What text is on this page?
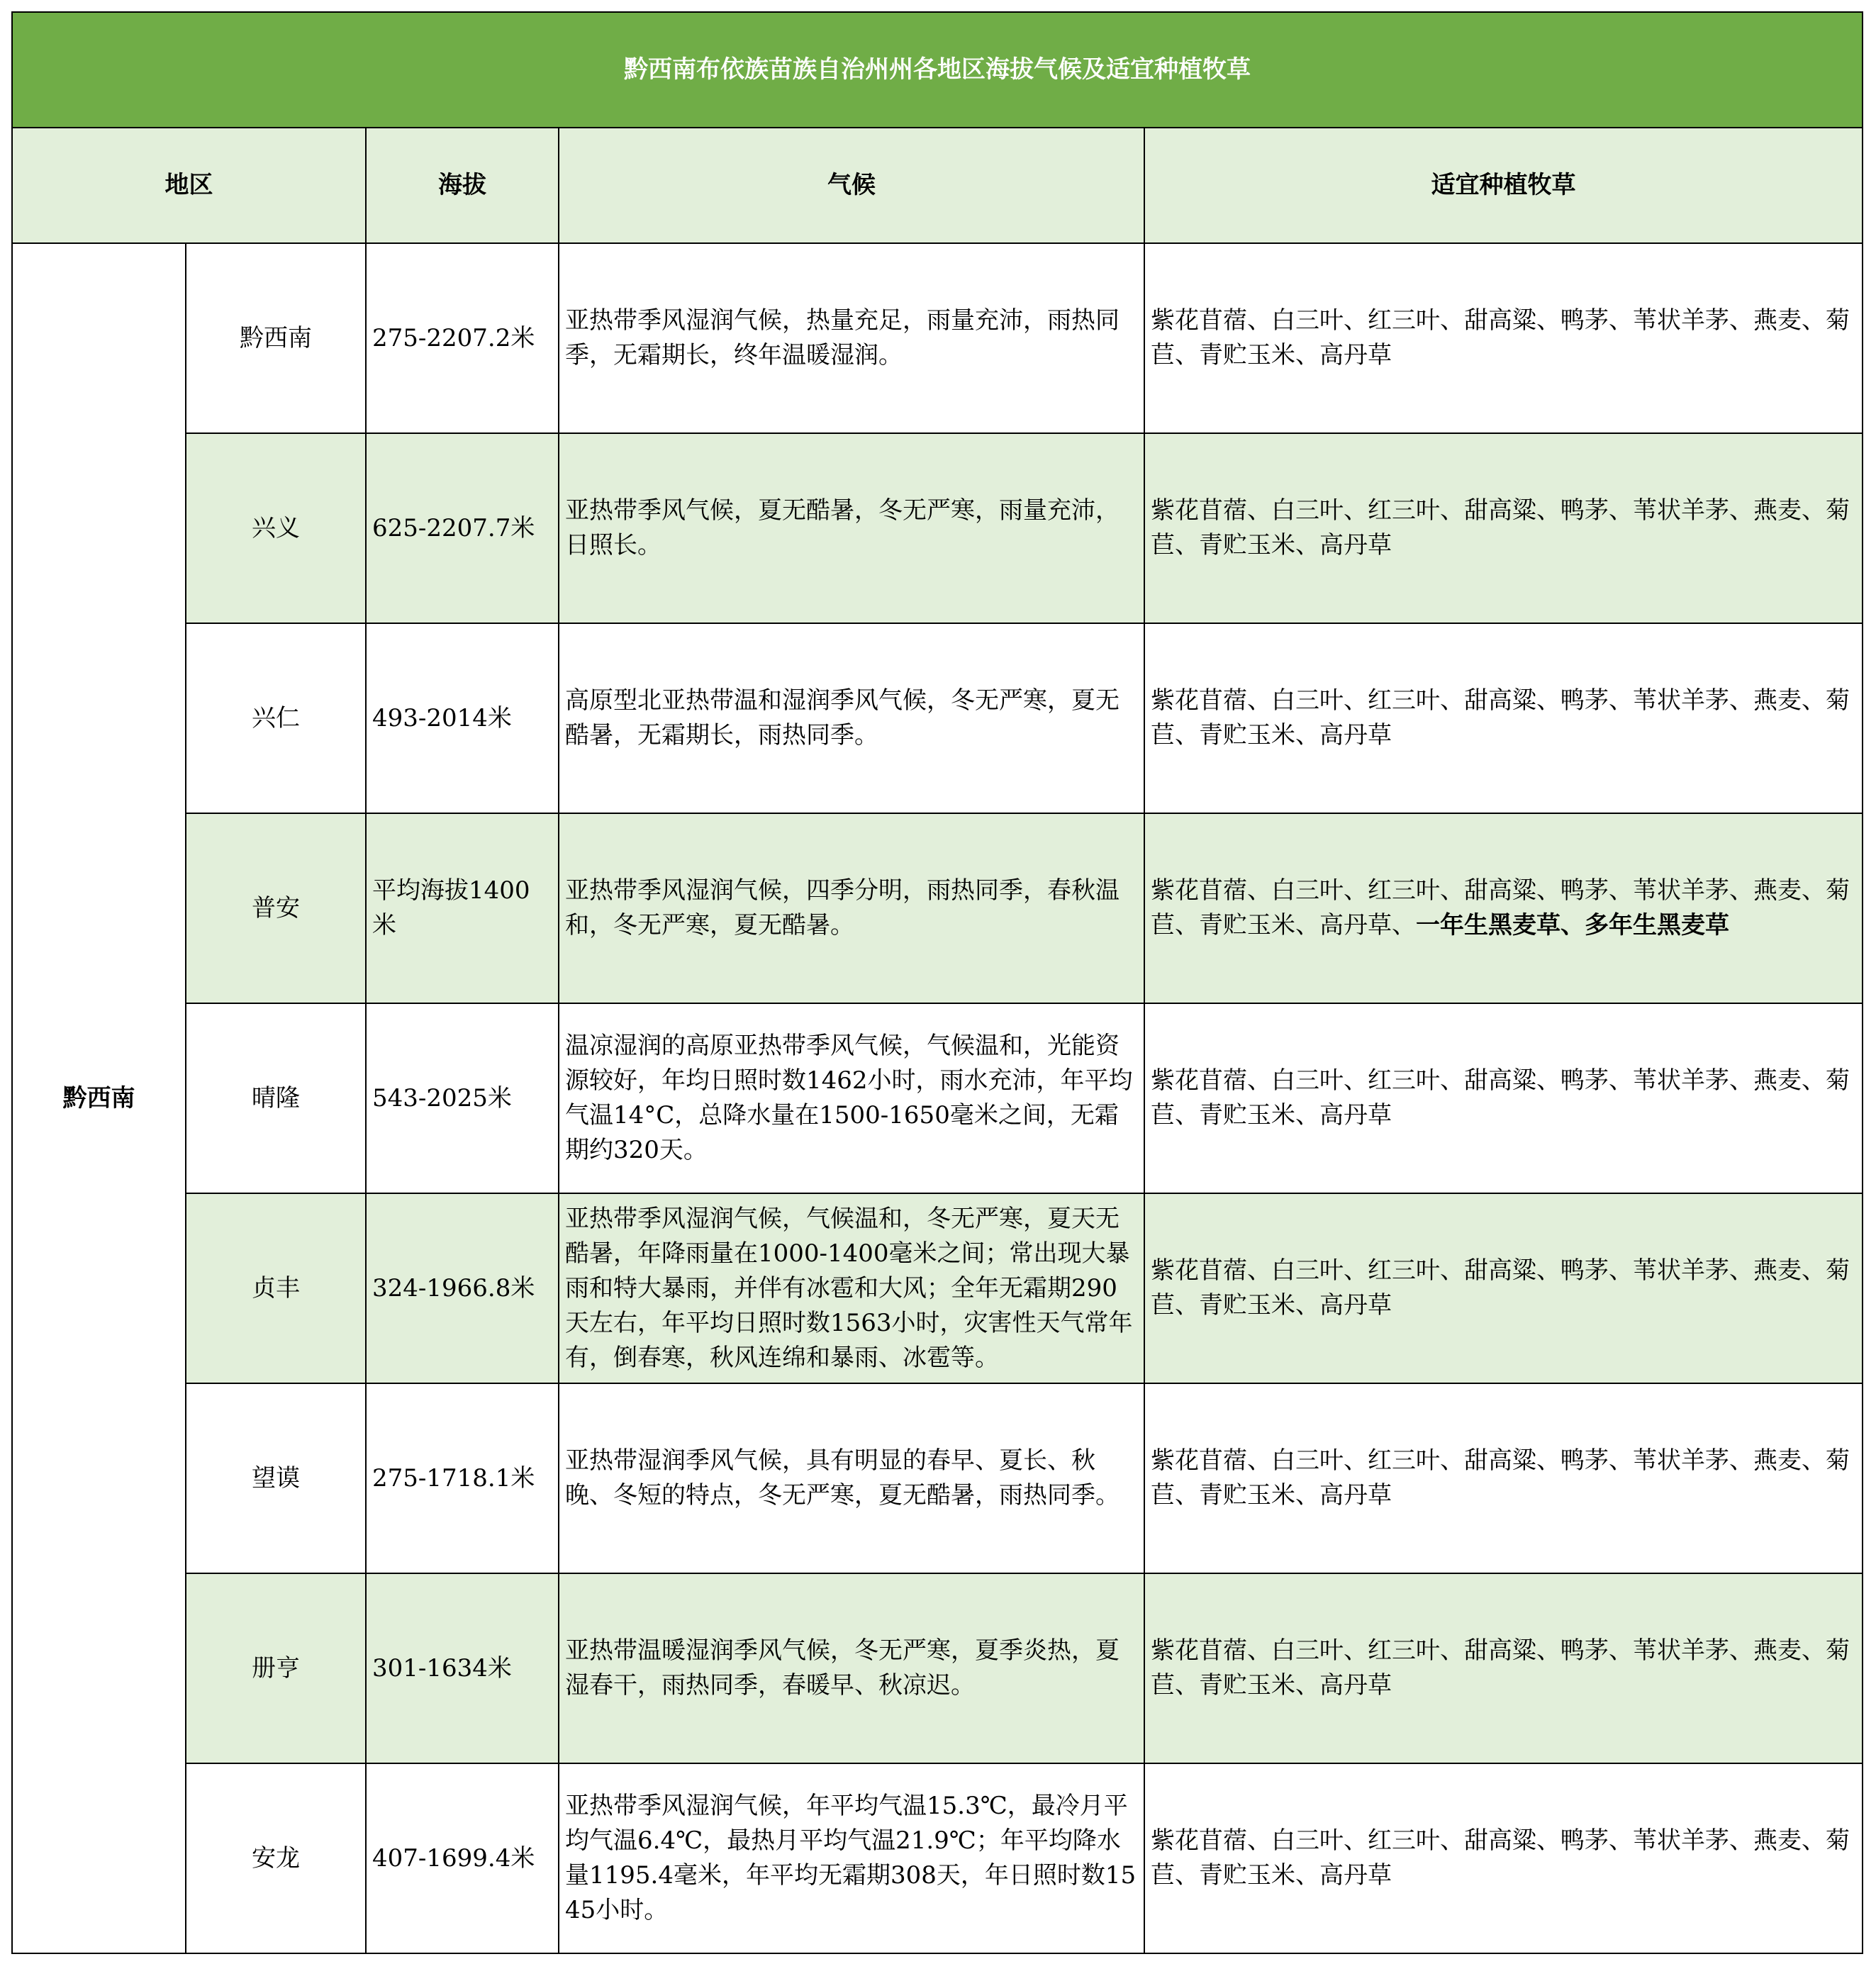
黔西南布依族苗族自治州州各地区海拔气候及适宜种植牧草				
地区		海拔	气候	适宜种植牧草
黔西南	黔西南	275-2207.2米	亚热带季风湿润气候，热量充足，雨量充沛，雨热同季，无霜期长，终年温暖湿润。	紫花苜蓿、白三叶、红三叶、甜高粱、鸭茅、苇状羊茅、燕麦、菊苣、青贮玉米、高丹草
	兴义	625-2207.7米	亚热带季风气候，夏无酷暑，冬无严寒，雨量充沛，日照长。	紫花苜蓿、白三叶、红三叶、甜高粱、鸭茅、苇状羊茅、燕麦、菊苣、青贮玉米、高丹草
	兴仁	493-2014米	高原型北亚热带温和湿润季风气候，冬无严寒，夏无酷暑，无霜期长，雨热同季。	紫花苜蓿、白三叶、红三叶、甜高粱、鸭茅、苇状羊茅、燕麦、菊苣、青贮玉米、高丹草
	普安	平均海拔1400米	亚热带季风湿润气候，四季分明，雨热同季，春秋温和，冬无严寒，夏无酷暑。	紫花苜蓿、白三叶、红三叶、甜高粱、鸭茅、苇状羊茅、燕麦、菊苣、青贮玉米、高丹草、一年生黑麦草、多年生黑麦草
	晴隆	543-2025米	温凉湿润的高原亚热带季风气候，气候温和，光能资源较好，年均日照时数1462小时，雨水充沛，年平均气温14°C，总降水量在1500-1650毫米之间，无霜期约320天。	紫花苜蓿、白三叶、红三叶、甜高粱、鸭茅、苇状羊茅、燕麦、菊苣、青贮玉米、高丹草
	贞丰	324-1966.8米	亚热带季风湿润气候，气候温和，冬无严寒，夏天无酷暑，年降雨量在1000-1400毫米之间；常出现大暴雨和特大暴雨，并伴有冰雹和大风；全年无霜期290天左右，年平均日照时数1563小时，灾害性天气常年有，倒春寒，秋风连绵和暴雨、冰雹等。	紫花苜蓿、白三叶、红三叶、甜高粱、鸭茅、苇状羊茅、燕麦、菊苣、青贮玉米、高丹草
	望谟	275-1718.1米	亚热带湿润季风气候，具有明显的春早、夏长、秋晚、冬短的特点，冬无严寒，夏无酷暑，雨热同季。	紫花苜蓿、白三叶、红三叶、甜高粱、鸭茅、苇状羊茅、燕麦、菊苣、青贮玉米、高丹草
	册亨	301-1634米	亚热带温暖湿润季风气候，冬无严寒，夏季炎热，夏湿春干，雨热同季，春暖早、秋凉迟。	紫花苜蓿、白三叶、红三叶、甜高粱、鸭茅、苇状羊茅、燕麦、菊苣、青贮玉米、高丹草
	安龙	407-1699.4米	亚热带季风湿润气候，年平均气温15.3℃，最冷月平均气温6.4℃，最热月平均气温21.9℃；年平均降水量1195.4毫米，年平均无霜期308天，年日照时数1545小时。	紫花苜蓿、白三叶、红三叶、甜高粱、鸭茅、苇状羊茅、燕麦、菊苣、青贮玉米、高丹草
